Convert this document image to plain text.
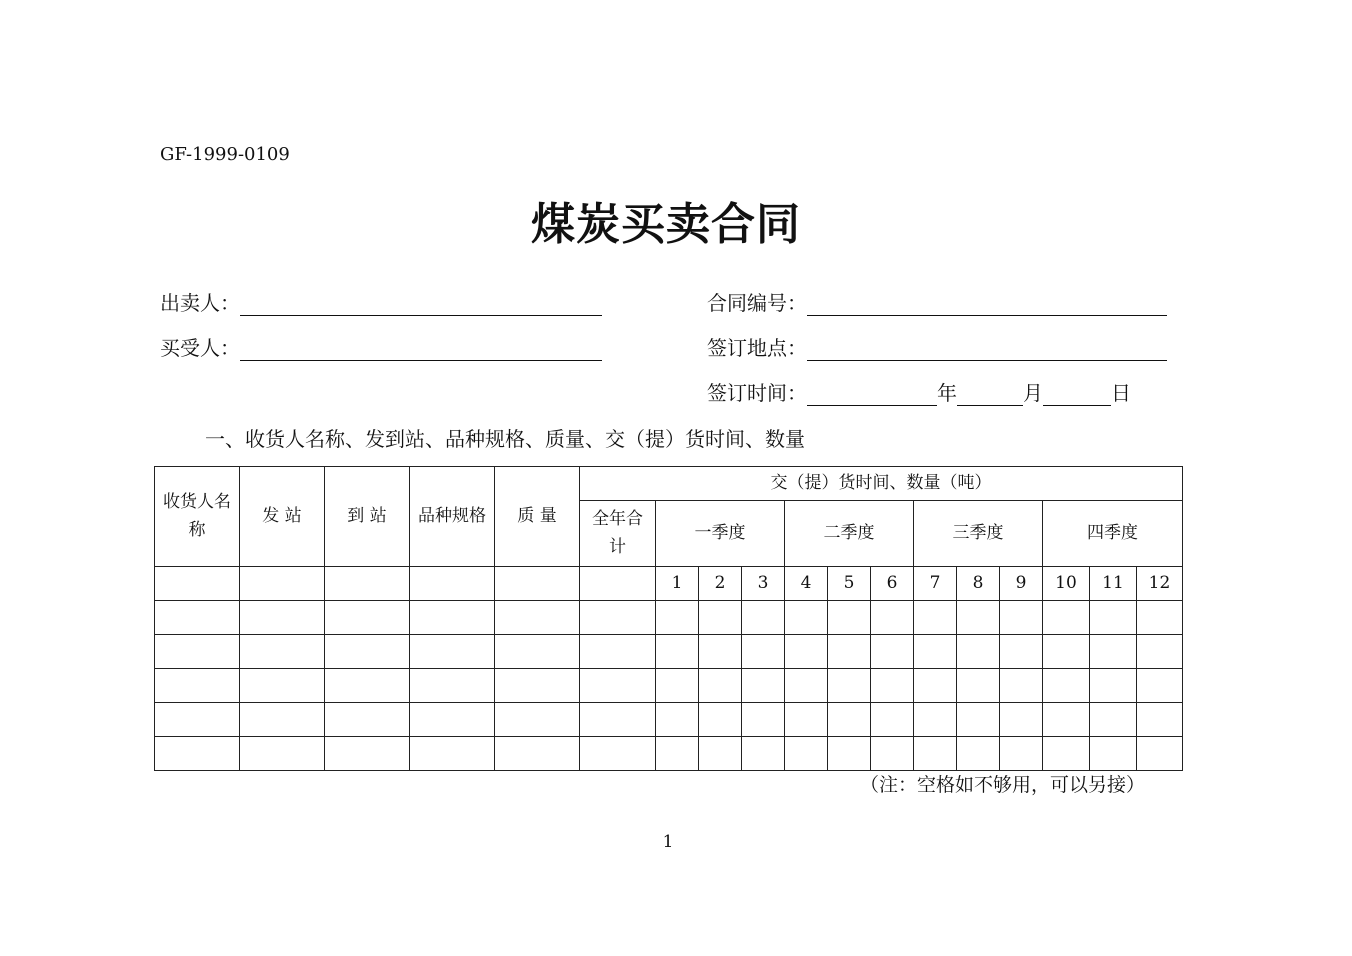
GF-1999-0109
煤炭买卖合同
出卖人：
买受人：
合同编号：
签订地点：
签订时间：	年	月	日
一、收货人名称、发到站、品种规格、质量、交（提）货时间、数量
收货人名称	发 站	到 站	品种规格	质 量	交（提）货时间、数量（吨）												
					全年合计	一季度			二季度			三季度			四季度		
						1	2	3	4	5	6	7	8	9	10	11	12

（注：空格如不够用，可以另接）
1
